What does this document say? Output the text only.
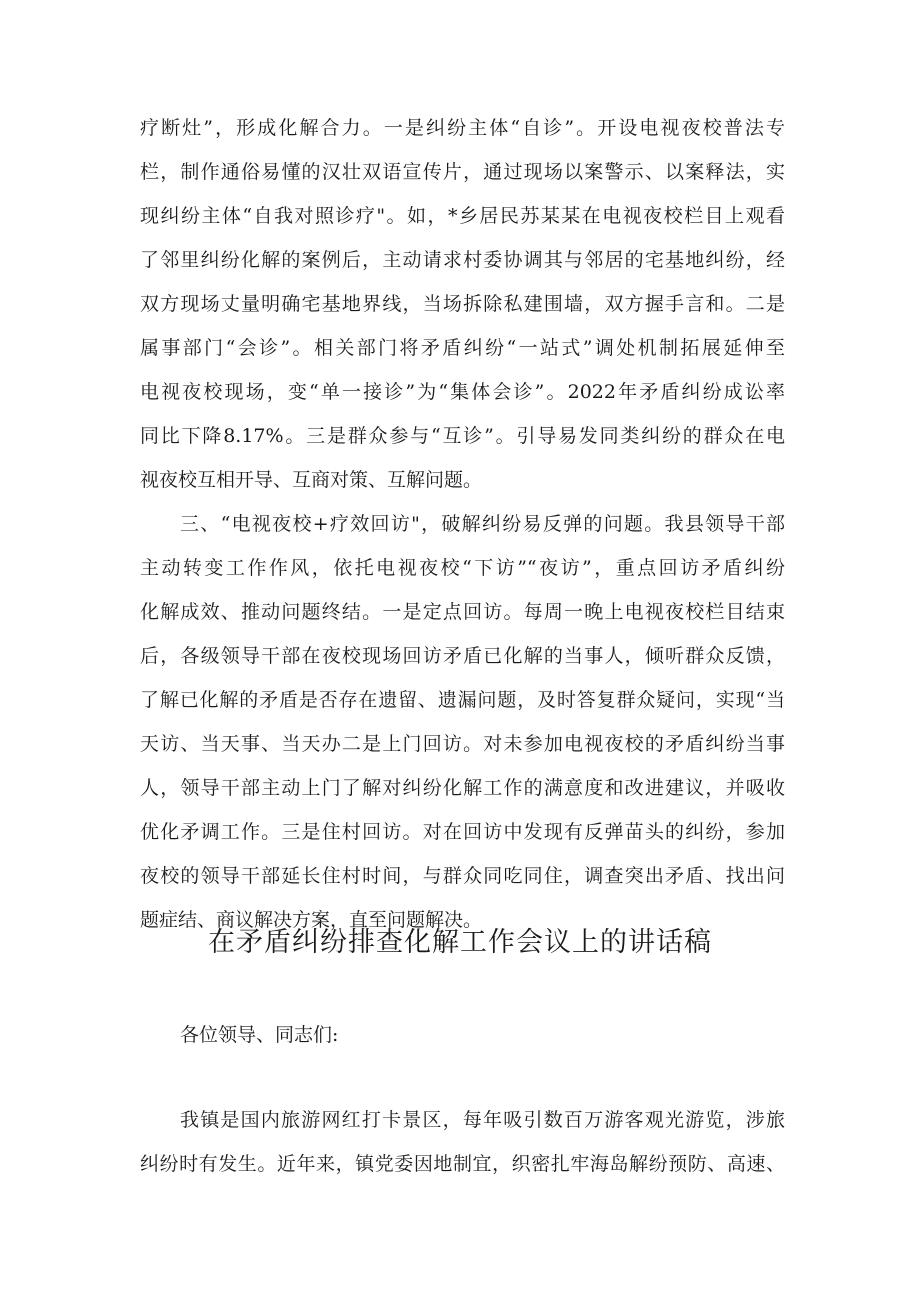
疗断灶”，形成化解合力。一是纠纷主体“自诊”。开设电视夜校普法专
栏，制作通俗易懂的汉壮双语宣传片，通过现场以案警示、以案释法，实
现纠纷主体“自我对照诊疗"。如，*乡居民苏某某在电视夜校栏目上观看
了邻里纠纷化解的案例后，主动请求村委协调其与邻居的宅基地纠纷，经
双方现场丈量明确宅基地界线，当场拆除私建围墙，双方握手言和。二是
属事部门“会诊”。相关部门将矛盾纠纷“一站式”调处机制拓展延伸至
电视夜校现场，变“单一接诊”为“集体会诊”。2022年矛盾纠纷成讼率
同比下降8.17%。三是群众参与“互诊”。引导易发同类纠纷的群众在电
视夜校互相开导、互商对策、互解问题。
三、“电视夜校+疗效回访"，破解纠纷易反弹的问题。我县领导干部
主动转变工作作风，依托电视夜校“下访”“夜访”，重点回访矛盾纠纷
化解成效、推动问题终结。一是定点回访。每周一晚上电视夜校栏目结束
后，各级领导干部在夜校现场回访矛盾已化解的当事人，倾听群众反馈，
了解已化解的矛盾是否存在遗留、遗漏问题，及时答复群众疑问，实现“当
天访、当天事、当天办二是上门回访。对未参加电视夜校的矛盾纠纷当事
人，领导干部主动上门了解对纠纷化解工作的满意度和改进建议，并吸收
优化矛调工作。三是住村回访。对在回访中发现有反弹苗头的纠纷，参加
夜校的领导干部延长住村时间，与群众同吃同住，调查突出矛盾、找出问
题症结、商议解决方案，直至问题解决。
在矛盾纠纷排查化解工作会议上的讲话稿
各位领导、同志们:
我镇是国内旅游网红打卡景区，每年吸引数百万游客观光游览，涉旅
纠纷时有发生。近年来，镇党委因地制宜，织密扎牢海岛解纷预防、高速、
